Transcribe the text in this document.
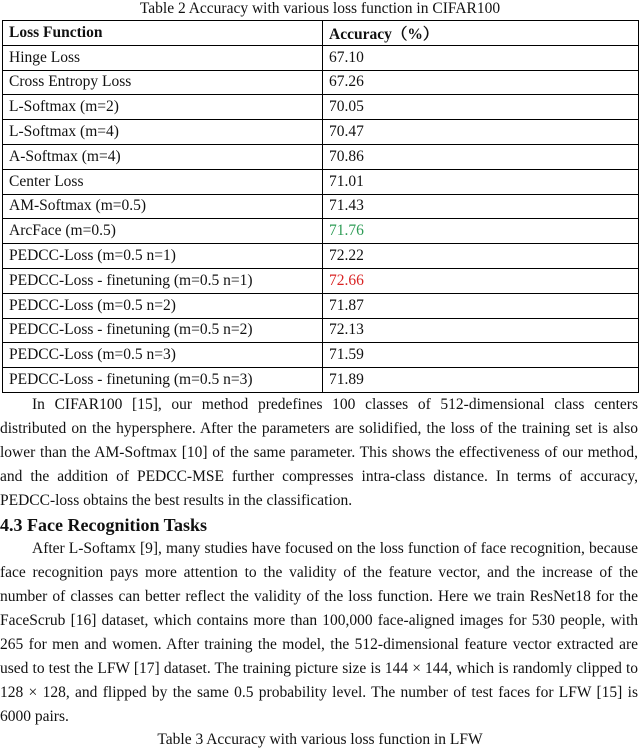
Table 2 Accuracy with various loss function in CIFAR100
Loss Function	Accuracy（%）
Hinge Loss	67.10
Cross Entropy Loss	67.26
L-Softmax (m=2)	70.05
L-Softmax (m=4)	70.47
A-Softmax (m=4)	70.86
Center Loss	71.01
AM-Softmax (m=0.5)	71.43
ArcFace (m=0.5)	71.76
PEDCC-Loss (m=0.5 n=1)	72.22
PEDCC-Loss - finetuning (m=0.5 n=1)	72.66
PEDCC-Loss (m=0.5 n=2)	71.87
PEDCC-Loss - finetuning (m=0.5 n=2)	72.13
PEDCC-Loss (m=0.5 n=3)	71.59
PEDCC-Loss - finetuning (m=0.5 n=3)	71.89

In CIFAR100 [15], our method predefines 100 classes of 512-dimensional class centers distributed on the hypersphere. After the parameters are solidified, the loss of the training set is also lower than the AM-Softmax [10] of the same parameter. This shows the effectiveness of our method, and the addition of PEDCC-MSE further compresses intra-class distance. In terms of accuracy, PEDCC-loss obtains the best results in the classification.

4.3 Face Recognition Tasks

After L-Softamx [9], many studies have focused on the loss function of face recognition, because face recognition pays more attention to the validity of the feature vector, and the increase of the number of classes can better reflect the validity of the loss function. Here we train ResNet18 for the FaceScrub [16] dataset, which contains more than 100,000 face-aligned images for 530 people, with 265 for men and women. After training the model, the 512-dimensional feature vector extracted are used to test the LFW [17] dataset. The training picture size is 144 × 144, which is randomly clipped to 128 × 128, and flipped by the same 0.5 probability level. The number of test faces for LFW [15] is 6000 pairs.

Table 3 Accuracy with various loss function in LFW
